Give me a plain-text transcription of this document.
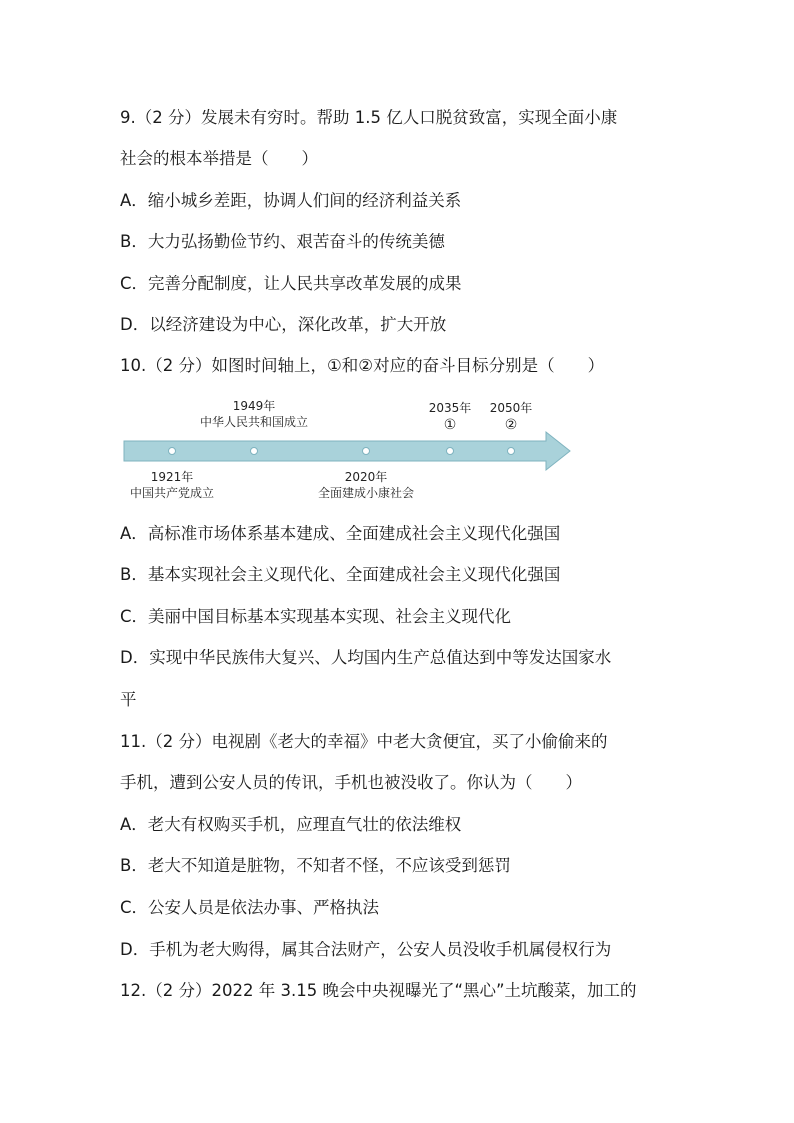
9.（2 分）发展未有穷时。帮助 1.5 亿人口脱贫致富，实现全面小康
社会的根本举措是（　　）
A．缩小城乡差距，协调人们间的经济利益关系
B．大力弘扬勤俭节约、艰苦奋斗的传统美德
C．完善分配制度，让人民共享改革发展的成果
D．以经济建设为中心，深化改革，扩大开放
10.（2 分）如图时间轴上，①和②对应的奋斗目标分别是（　　）
1949年
中华人民共和国成立
2035年
①
2050年
②
1921年
中国共产党成立
2020年
全面建成小康社会
A．高标准市场体系基本建成、全面建成社会主义现代化强国
B．基本实现社会主义现代化、全面建成社会主义现代化强国
C．美丽中国目标基本实现基本实现、社会主义现代化
D．实现中华民族伟大复兴、人均国内生产总值达到中等发达国家水
平
11.（2 分）电视剧《老大的幸福》中老大贪便宜，买了小偷偷来的
手机，遭到公安人员的传讯，手机也被没收了。你认为（　　）
A．老大有权购买手机，应理直气壮的依法维权
B．老大不知道是脏物，不知者不怪，不应该受到惩罚
C．公安人员是依法办事、严格执法
D．手机为老大购得，属其合法财产，公安人员没收手机属侵权行为
12.（2 分）2022 年 3.15 晚会中央视曝光了“黑心”土坑酸菜，加工的
